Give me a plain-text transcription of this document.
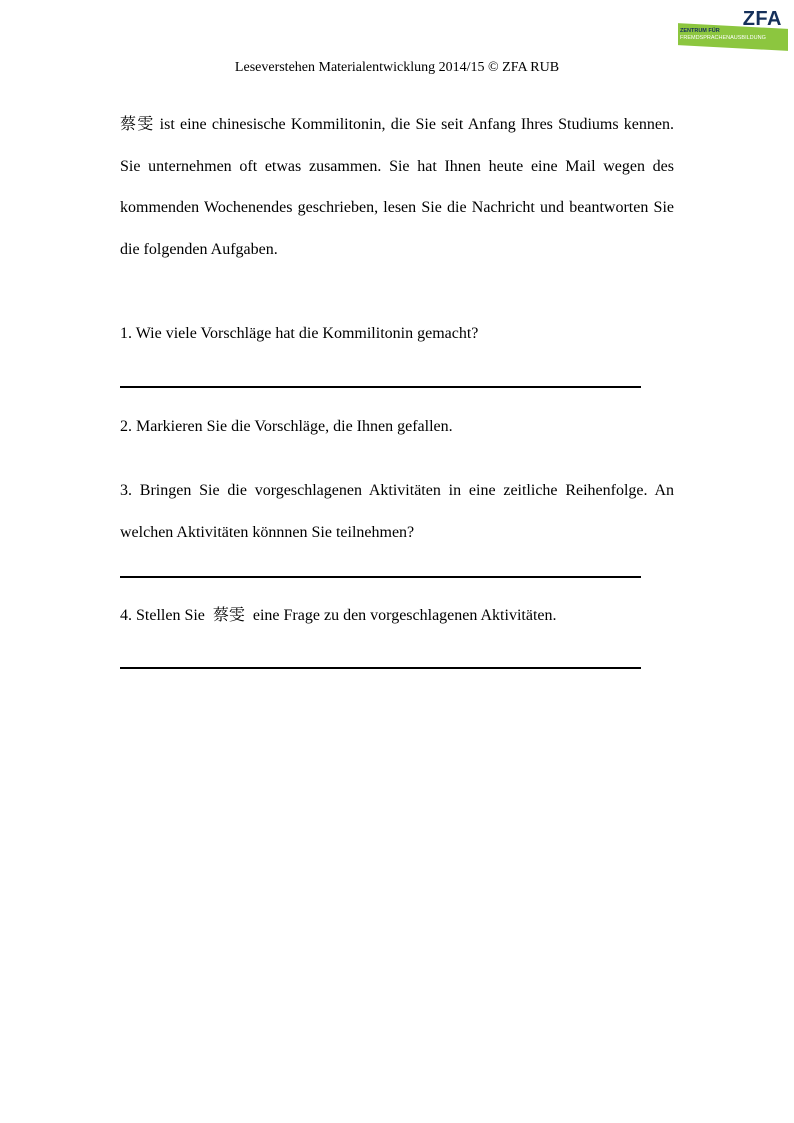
ZFA
ZENTRUM FÜR
FREMDSPRACHENAUSBILDUNG
Leseverstehen Materialentwicklung 2014/15 © ZFA RUB

蔡雯 ist eine chinesische Kommilitonin, die Sie seit Anfang Ihres Studiums kennen. Sie unternehmen oft etwas zusammen. Sie hat Ihnen heute eine Mail wegen des kommenden Wochenendes geschrieben, lesen Sie die Nachricht und beantworten Sie die folgenden Aufgaben.

1. Wie viele Vorschläge hat die Kommilitonin gemacht?

2. Markieren Sie die Vorschläge, die Ihnen gefallen.

3. Bringen Sie die vorgeschlagenen Aktivitäten in eine zeitliche Reihenfolge. An welchen Aktivitäten könnnen Sie teilnehmen?

4. Stellen Sie  蔡雯  eine Frage zu den vorgeschlagenen Aktivitäten.
